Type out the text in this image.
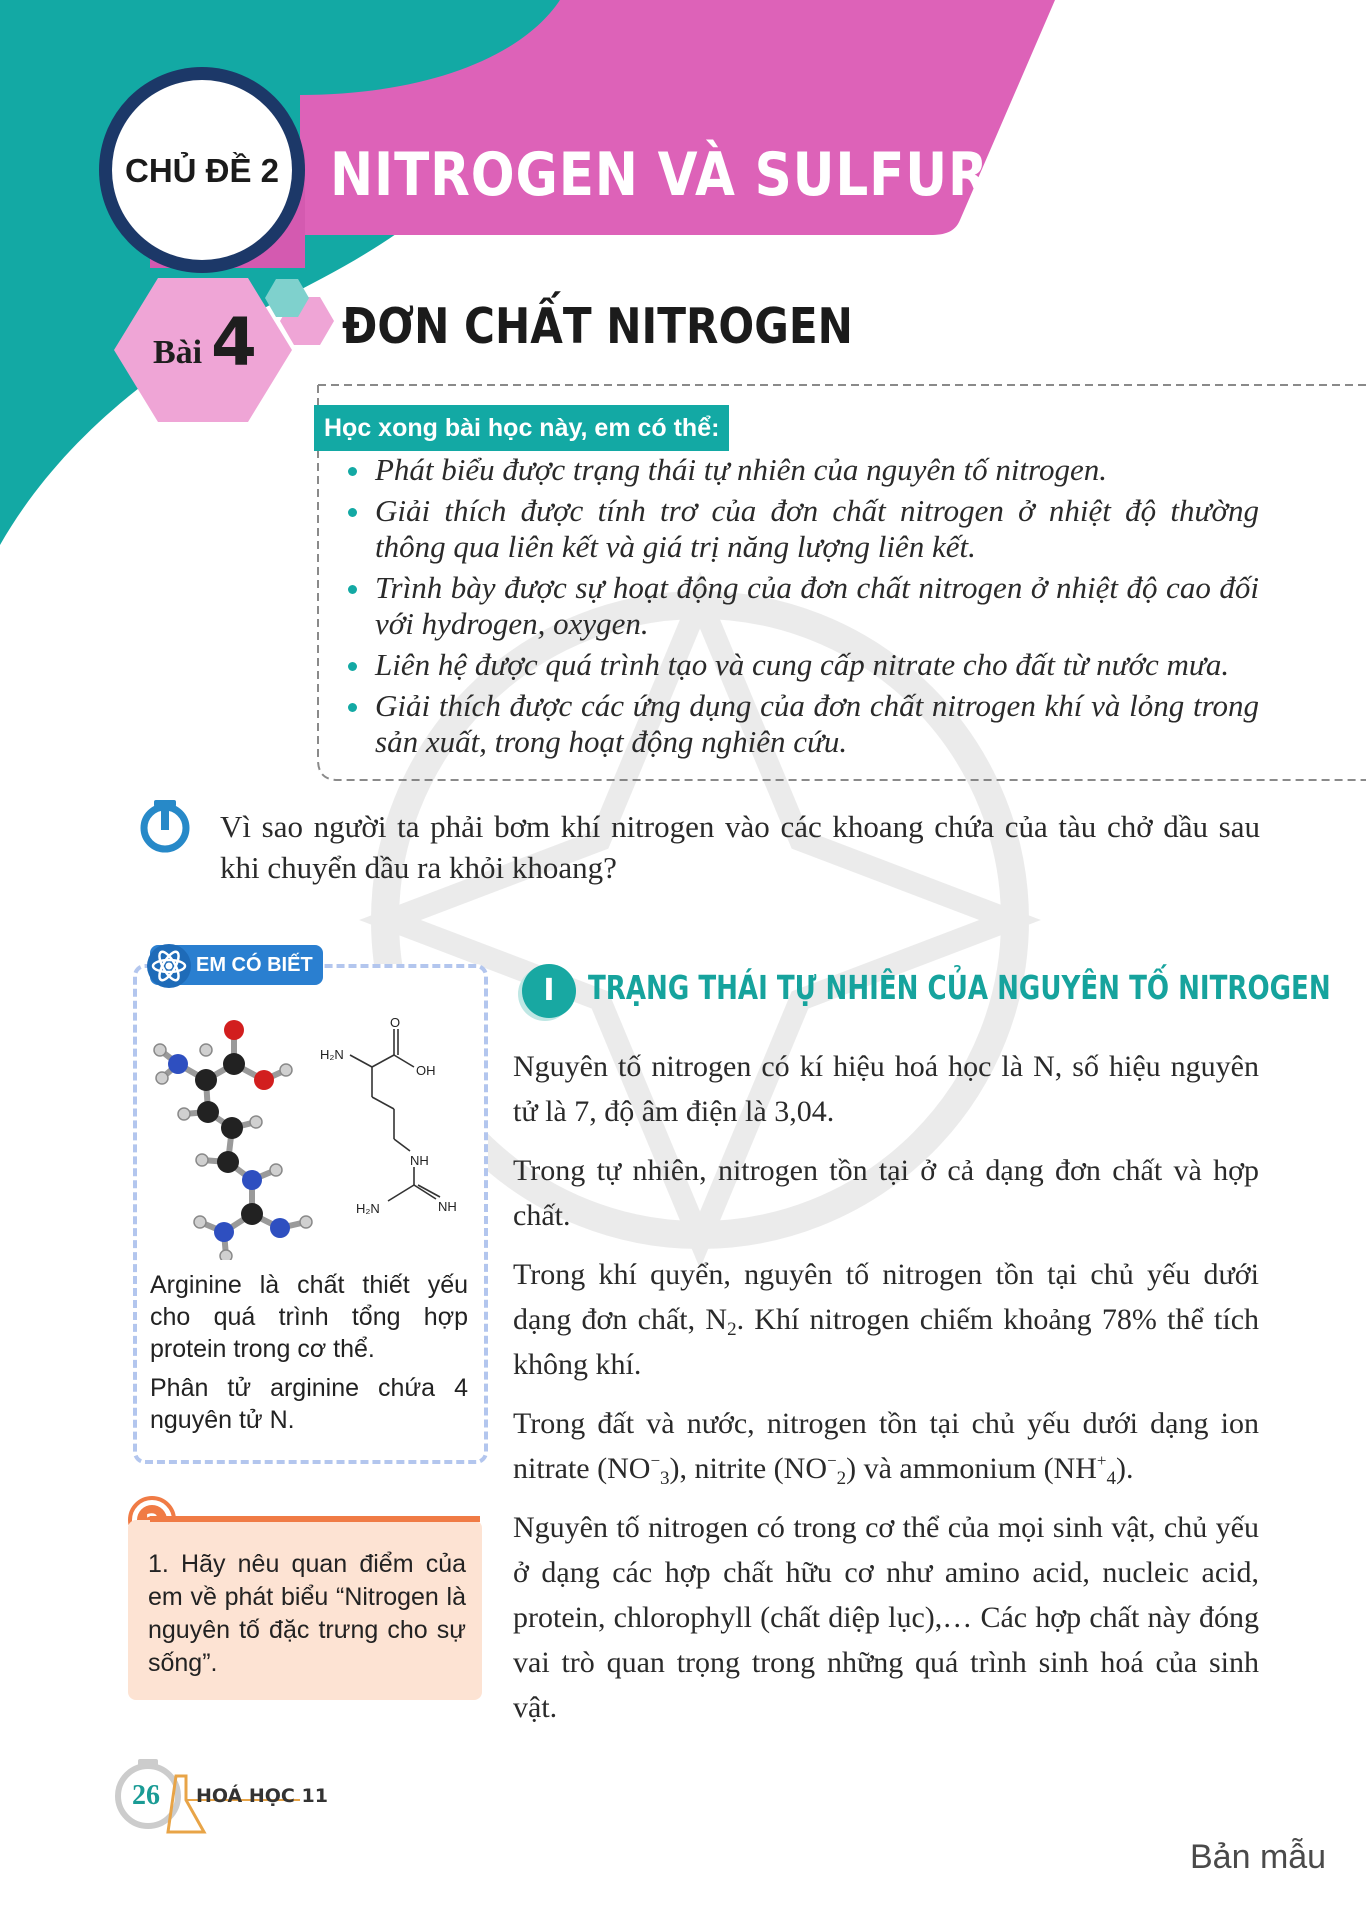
CHỦ ĐỀ 2 NITROGEN VÀ SULFUR
Bài 4 ĐƠN CHẤT NITROGEN
Học xong bài học này, em có thể:
Phát biểu được trạng thái tự nhiên của nguyên tố nitrogen.
Giải thích được tính trơ của đơn chất nitrogen ở nhiệt độ thường thông qua liên kết và giá trị năng lượng liên kết.
Trình bày được sự hoạt động của đơn chất nitrogen ở nhiệt độ cao đối với hydrogen, oxygen.
Liên hệ được quá trình tạo và cung cấp nitrate cho đất từ nước mưa.
Giải thích được các ứng dụng của đơn chất nitrogen khí và lỏng trong sản xuất, trong hoạt động nghiên cứu.
Vì sao người ta phải bơm khí nitrogen vào các khoang chứa của tàu chở dầu sau khi chuyển dầu ra khỏi khoang?
EM CÓ BIẾT
H₂N
O
OH
NH
H₂N	NH

Arginine là chất thiết yếu cho quá trình tổng hợp protein trong cơ thể.

Phân tử arginine chứa 4 nguyên tử N.

1. Hãy nêu quan điểm của em về phát biểu “Nitrogen là nguyên tố đặc trưng cho sự sống”.
I	TRẠNG THÁI TỰ NHIÊN CỦA NGUYÊN TỐ NITROGEN

Nguyên tố nitrogen có kí hiệu hoá học là N, số hiệu nguyên tử là 7, độ âm điện là 3,04.

Trong tự nhiên, nitrogen tồn tại ở cả dạng đơn chất và hợp chất.

Trong khí quyển, nguyên tố nitrogen tồn tại chủ yếu dưới dạng đơn chất, $N_2$. Khí nitrogen chiếm khoảng 78% thể tích không khí.

Trong đất và nước, nitrogen tồn tại chủ yếu dưới dạng ion nitrate $(NO^-_3)$, nitrite $(NO^-_2)$ và ammonium $(NH^+_4)$.

Nguyên tố nitrogen có trong cơ thể của mọi sinh vật, chủ yếu ở dạng các hợp chất hữu cơ như amino acid, nucleic acid, protein, chlorophyll (chất diệp lục),… Các hợp chất này đóng vai trò quan trọng trong những quá trình sinh hoá của sinh vật.

26 HOÁ HỌC 11
Bản mẫu
